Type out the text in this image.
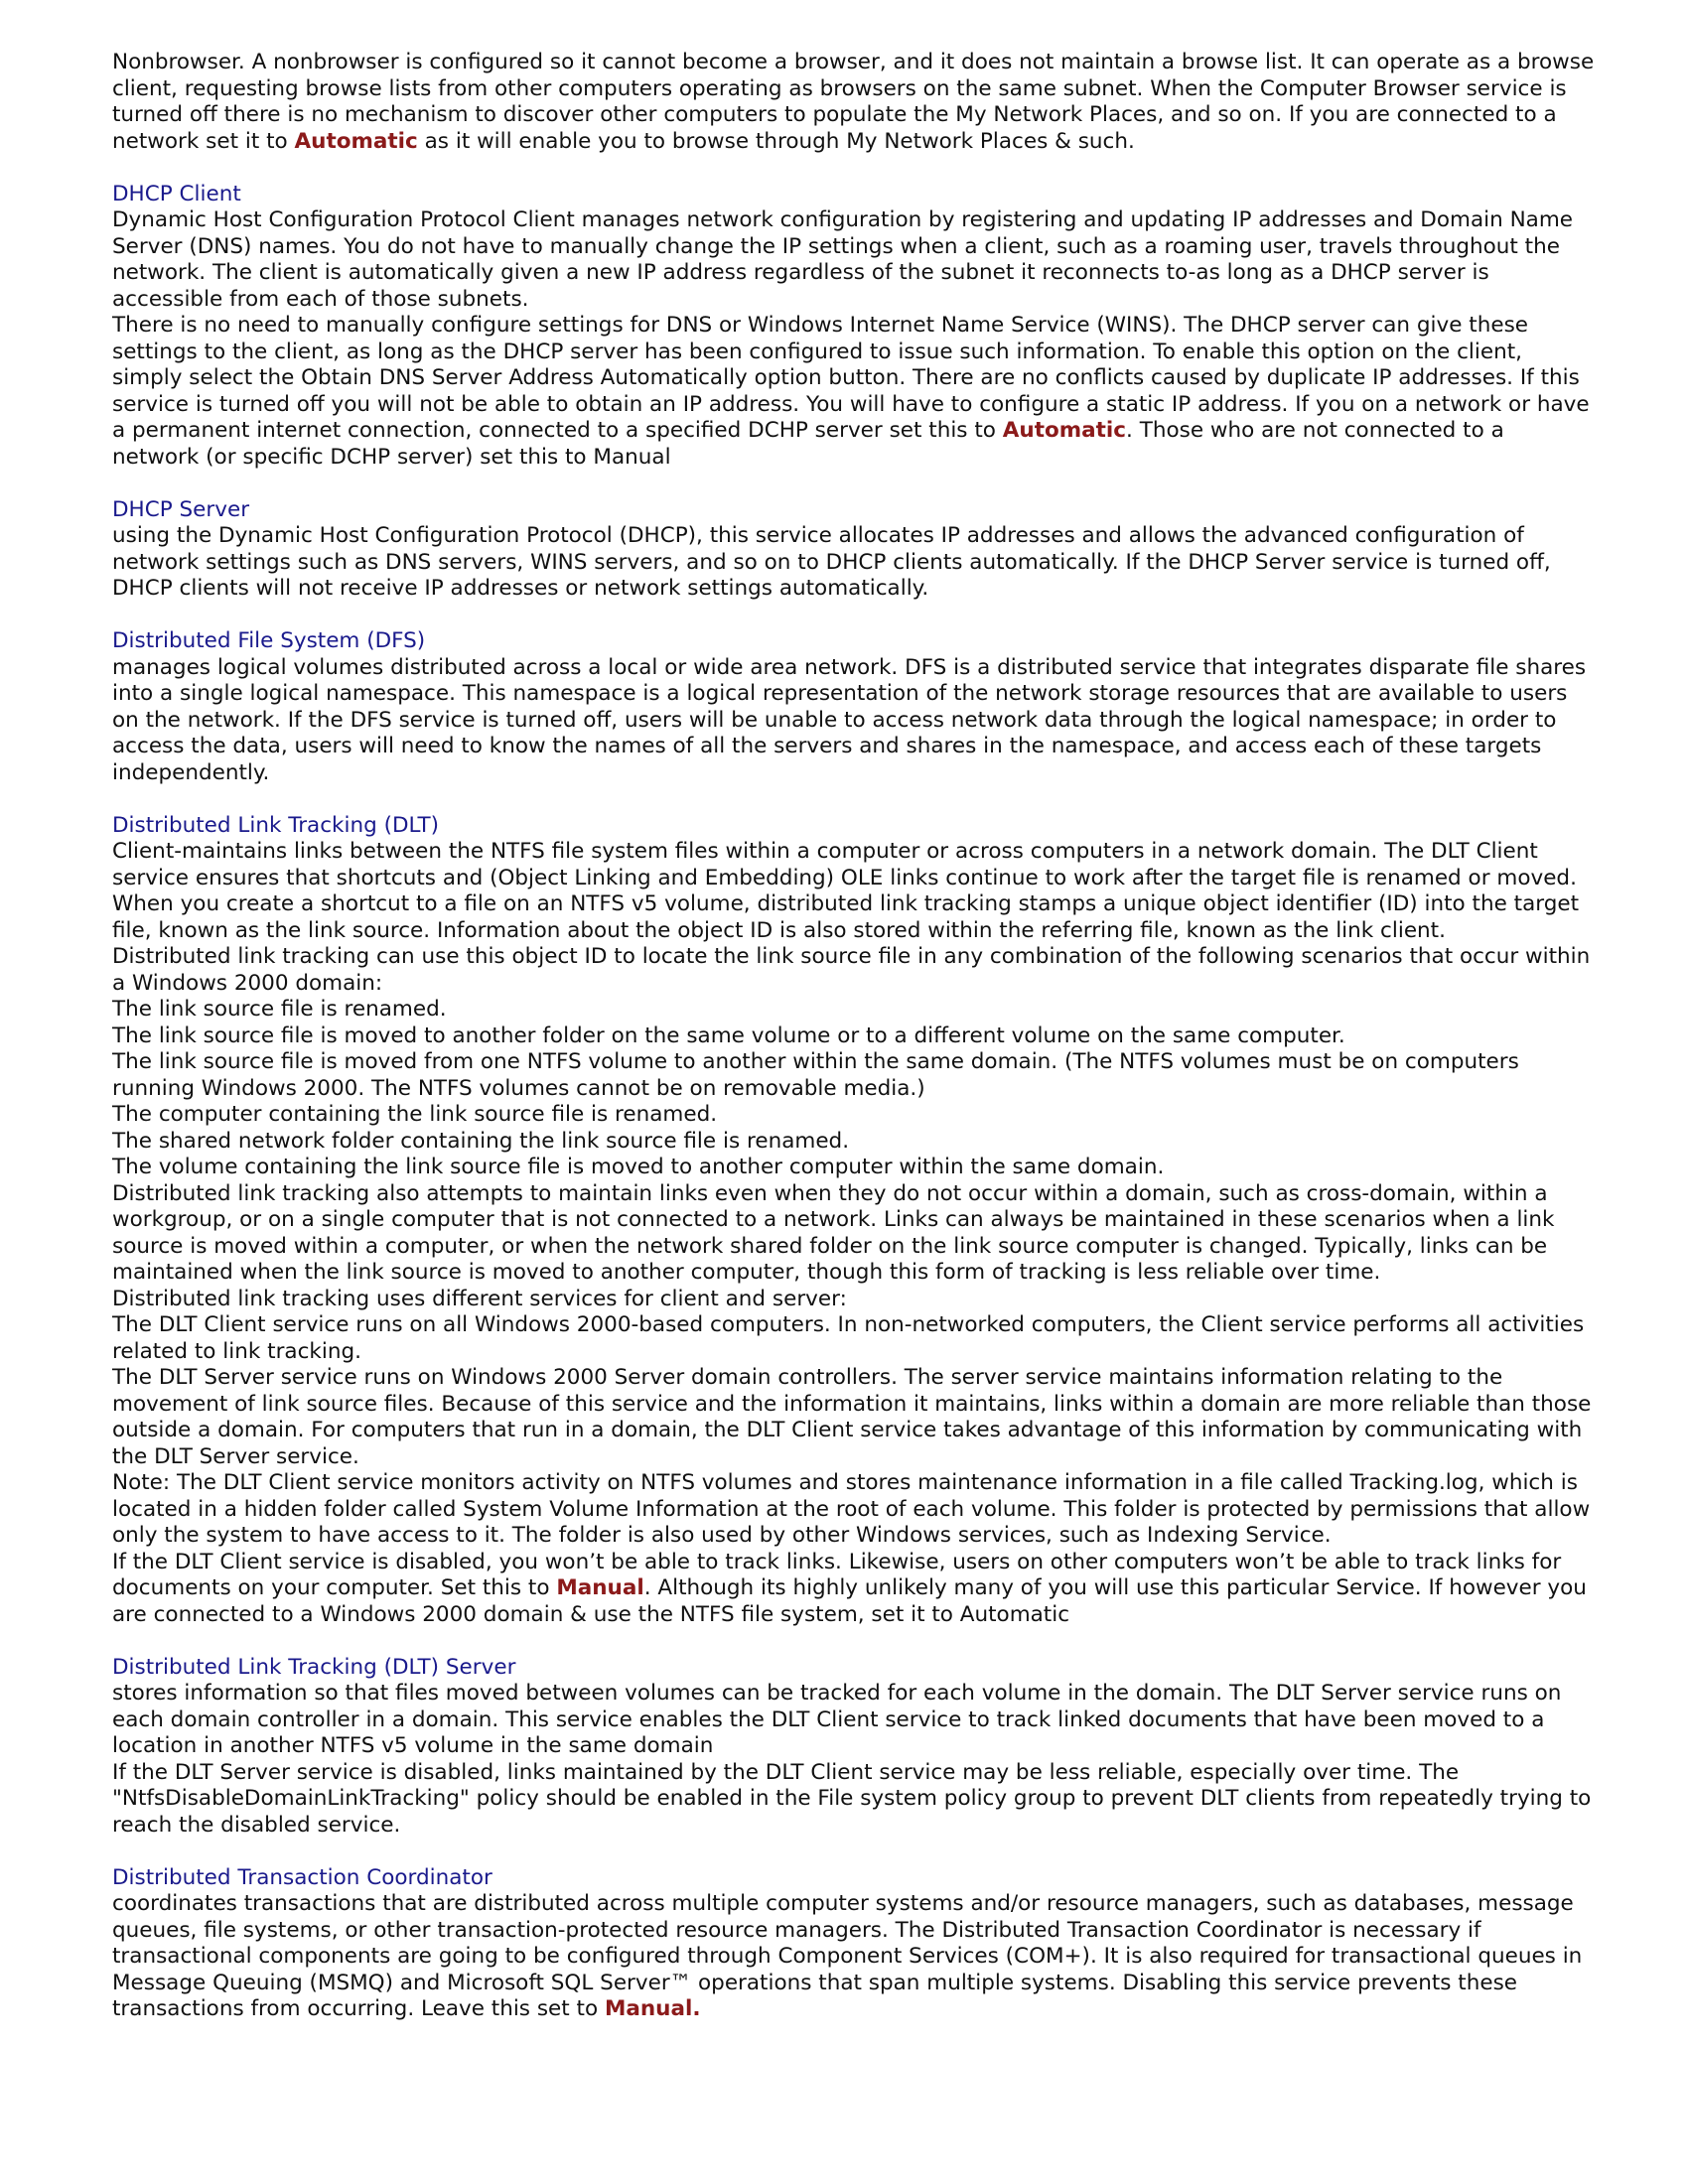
Nonbrowser. A nonbrowser is configured so it cannot become a browser, and it does not maintain a browse list. It can operate as a browse client, requesting browse lists from other computers operating as browsers on the same subnet. When the Computer Browser service is turned off there is no mechanism to discover other computers to populate the My Network Places, and so on. If you are connected to a network set it to Automatic as it will enable you to browse through My Network Places & such.

DHCP Client

Dynamic Host Configuration Protocol Client manages network configuration by registering and updating IP addresses and Domain Name Server (DNS) names. You do not have to manually change the IP settings when a client, such as a roaming user, travels throughout the network. The client is automatically given a new IP address regardless of the subnet it reconnects to-as long as a DHCP server is accessible from each of those subnets.

There is no need to manually configure settings for DNS or Windows Internet Name Service (WINS). The DHCP server can give these settings to the client, as long as the DHCP server has been configured to issue such information. To enable this option on the client, simply select the Obtain DNS Server Address Automatically option button. There are no conflicts caused by duplicate IP addresses. If this service is turned off you will not be able to obtain an IP address. You will have to configure a static IP address. If you on a network or have a permanent internet connection, connected to a specified DCHP server set this to Automatic. Those who are not connected to a network (or specific DCHP server) set this to Manual

DHCP Server

using the Dynamic Host Configuration Protocol (DHCP), this service allocates IP addresses and allows the advanced configuration of network settings such as DNS servers, WINS servers, and so on to DHCP clients automatically. If the DHCP Server service is turned off, DHCP clients will not receive IP addresses or network settings automatically.

Distributed File System (DFS)

manages logical volumes distributed across a local or wide area network. DFS is a distributed service that integrates disparate file shares into a single logical namespace. This namespace is a logical representation of the network storage resources that are available to users on the network. If the DFS service is turned off, users will be unable to access network data through the logical namespace; in order to access the data, users will need to know the names of all the servers and shares in the namespace, and access each of these targets independently.

Distributed Link Tracking (DLT)

Client-maintains links between the NTFS file system files within a computer or across computers in a network domain. The DLT Client service ensures that shortcuts and (Object Linking and Embedding) OLE links continue to work after the target file is renamed or moved. When you create a shortcut to a file on an NTFS v5 volume, distributed link tracking stamps a unique object identifier (ID) into the target file, known as the link source. Information about the object ID is also stored within the referring file, known as the link client.

Distributed link tracking can use this object ID to locate the link source file in any combination of the following scenarios that occur within a Windows 2000 domain:

The link source file is renamed.

The link source file is moved to another folder on the same volume or to a different volume on the same computer.

The link source file is moved from one NTFS volume to another within the same domain. (The NTFS volumes must be on computers running Windows 2000. The NTFS volumes cannot be on removable media.)

The computer containing the link source file is renamed.

The shared network folder containing the link source file is renamed.

The volume containing the link source file is moved to another computer within the same domain.

Distributed link tracking also attempts to maintain links even when they do not occur within a domain, such as cross-domain, within a workgroup, or on a single computer that is not connected to a network. Links can always be maintained in these scenarios when a link source is moved within a computer, or when the network shared folder on the link source computer is changed. Typically, links can be maintained when the link source is moved to another computer, though this form of tracking is less reliable over time.

Distributed link tracking uses different services for client and server:

The DLT Client service runs on all Windows 2000-based computers. In non-networked computers, the Client service performs all activities related to link tracking.

The DLT Server service runs on Windows 2000 Server domain controllers. The server service maintains information relating to the movement of link source files. Because of this service and the information it maintains, links within a domain are more reliable than those outside a domain. For computers that run in a domain, the DLT Client service takes advantage of this information by communicating with the DLT Server service.

Note: The DLT Client service monitors activity on NTFS volumes and stores maintenance information in a file called Tracking.log, which is located in a hidden folder called System Volume Information at the root of each volume. This folder is protected by permissions that allow only the system to have access to it. The folder is also used by other Windows services, such as Indexing Service.

If the DLT Client service is disabled, you won’t be able to track links. Likewise, users on other computers won’t be able to track links for documents on your computer. Set this to Manual. Although its highly unlikely many of you will use this particular Service. If however you are connected to a Windows 2000 domain & use the NTFS file system, set it to Automatic

Distributed Link Tracking (DLT) Server

stores information so that files moved between volumes can be tracked for each volume in the domain. The DLT Server service runs on each domain controller in a domain. This service enables the DLT Client service to track linked documents that have been moved to a location in another NTFS v5 volume in the same domain

If the DLT Server service is disabled, links maintained by the DLT Client service may be less reliable, especially over time. The "NtfsDisableDomainLinkTracking" policy should be enabled in the File system policy group to prevent DLT clients from repeatedly trying to reach the disabled service.

Distributed Transaction Coordinator

coordinates transactions that are distributed across multiple computer systems and/or resource managers, such as databases, message queues, file systems, or other transaction-protected resource managers. The Distributed Transaction Coordinator is necessary if transactional components are going to be configured through Component Services (COM+). It is also required for transactional queues in Message Queuing (MSMQ) and Microsoft SQL Server™ operations that span multiple systems. Disabling this service prevents these transactions from occurring. Leave this set to Manual.
